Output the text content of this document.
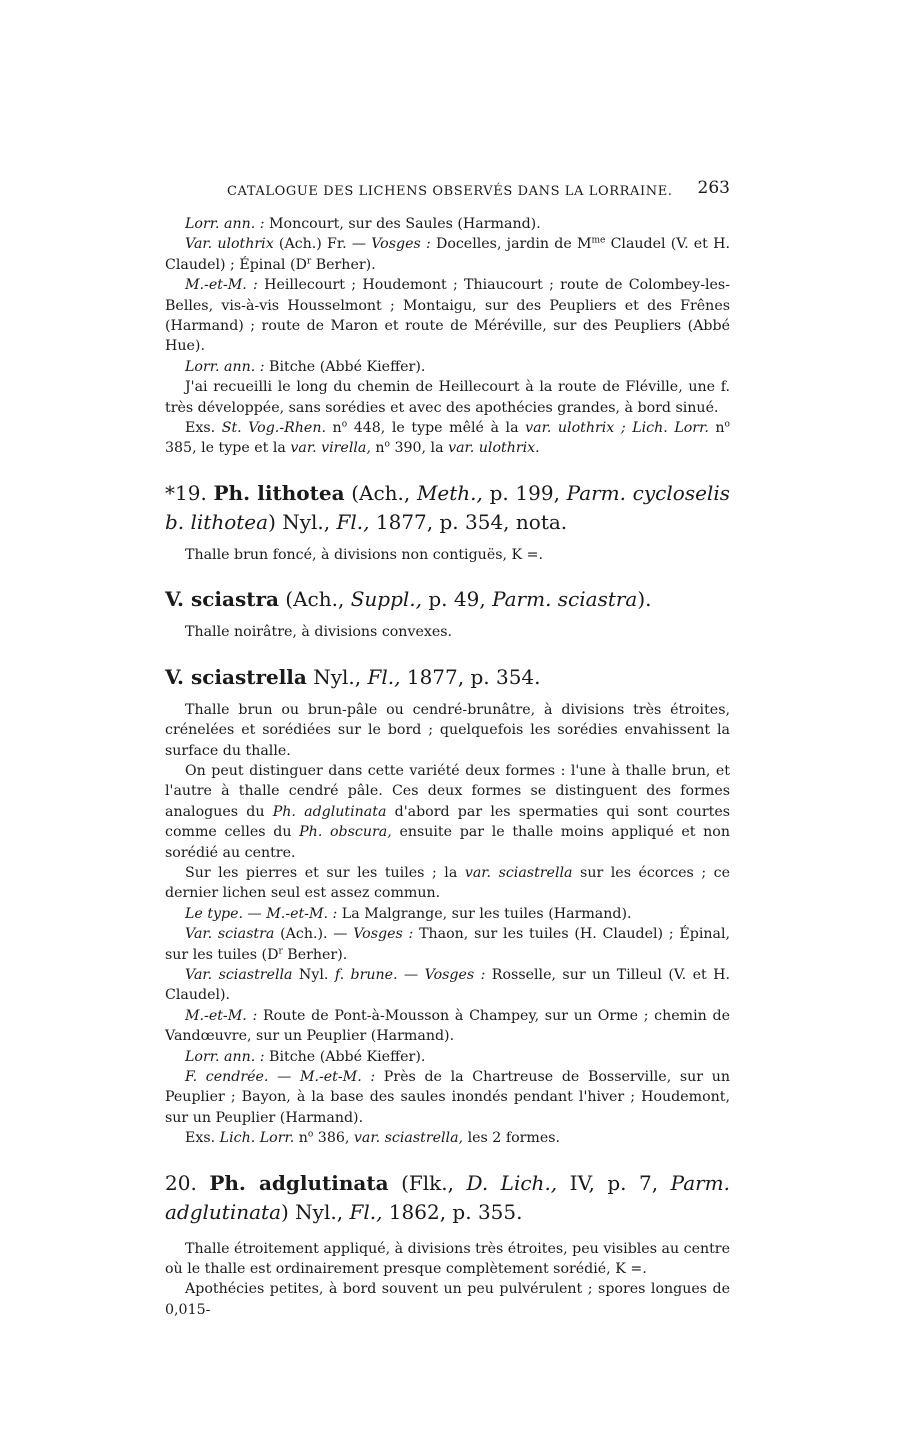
CATALOGUE DES LICHENS OBSERVÉS DANS LA LORRAINE. 263

Lorr. ann. : Moncourt, sur des Saules (Harmand).

Var. ulothrix (Ach.) Fr. — Vosges : Docelles, jardin de $M^{me}$ Claudel (V. et H. Claudel) ; Épinal ($D^r$ Berher).

M.-et-M. : Heillecourt ; Houdemont ; Thiaucourt ; route de Colombey-les-Belles, vis-à-vis Housselmont ; Montaigu, sur des Peupliers et des Frênes (Harmand) ; route de Maron et route de Méréville, sur des Peupliers (Abbé Hue).

Lorr. ann. : Bitche (Abbé Kieffer).

J'ai recueilli le long du chemin de Heillecourt à la route de Fléville, une f. très développée, sans sorédies et avec des apothécies grandes, à bord sinué.

Exs. St. Vog.-Rhen. $n^o$ 448, le type mêlé à la var. ulothrix ; Lich. Lorr. $n^o$ 385, le type et la var. virella, $n^o$ 390, la var. ulothrix.

*19. Ph. lithotea (Ach., Meth., p. 199, Parm. cycloselis b. lithotea) Nyl., Fl., 1877, p. 354, nota.

Thalle brun foncé, à divisions non contiguës, K =.

V. sciastra (Ach., Suppl., p. 49, Parm. sciastra).

Thalle noirâtre, à divisions convexes.

V. sciastrella Nyl., Fl., 1877, p. 354.

Thalle brun ou brun-pâle ou cendré-brunâtre, à divisions très étroites, crénelées et sorédiées sur le bord ; quelquefois les sorédies envahissent la surface du thalle.

On peut distinguer dans cette variété deux formes : l'une à thalle brun, et l'autre à thalle cendré pâle. Ces deux formes se distinguent des formes analogues du Ph. adglutinata d'abord par les spermaties qui sont courtes comme celles du Ph. obscura, ensuite par le thalle moins appliqué et non sorédié au centre.

Sur les pierres et sur les tuiles ; la var. sciastrella sur les écorces ; ce dernier lichen seul est assez commun.

Le type. — M.-et-M. : La Malgrange, sur les tuiles (Harmand).

Var. sciastra (Ach.). — Vosges : Thaon, sur les tuiles (H. Claudel) ; Épinal, sur les tuiles ($D^r$ Berher).

Var. sciastrella Nyl. f. brune. — Vosges : Rosselle, sur un Tilleul (V. et H. Claudel).

M.-et-M. : Route de Pont-à-Mousson à Champey, sur un Orme ; chemin de Vandœuvre, sur un Peuplier (Harmand).

Lorr. ann. : Bitche (Abbé Kieffer).

F. cendrée. — M.-et-M. : Près de la Chartreuse de Bosserville, sur un Peuplier ; Bayon, à la base des saules inondés pendant l'hiver ; Houdemont, sur un Peuplier (Harmand).

Exs. Lich. Lorr. $n^o$ 386, var. sciastrella, les 2 formes.

20. Ph. adglutinata (Flk., D. Lich., IV, p. 7, Parm. adglutinata) Nyl., Fl., 1862, p. 355.

Thalle étroitement appliqué, à divisions très étroites, peu visibles au centre où le thalle est ordinairement presque complètement sorédié, K =.

Apothécies petites, à bord souvent un peu pulvérulent ; spores longues de 0,015-
